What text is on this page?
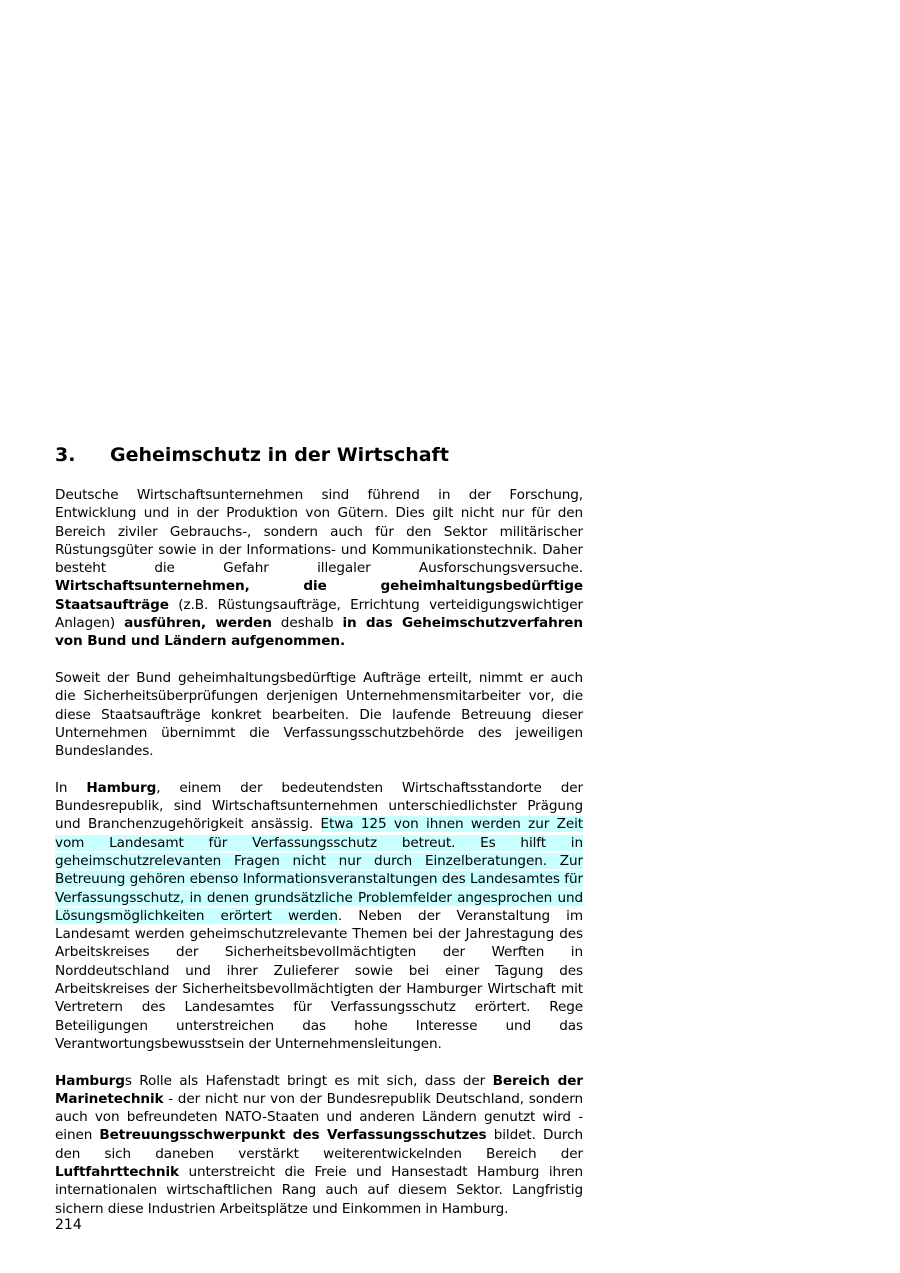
3.	Geheimschutz in der Wirtschaft

Deutsche Wirtschaftsunternehmen sind führend in der Forschung, Entwicklung und in der Produktion von Gütern. Dies gilt nicht nur für den Bereich ziviler Gebrauchs-, sondern auch für den Sektor militärischer Rüstungsgüter sowie in der Informations- und Kommunikationstechnik. Daher besteht die Gefahr illegaler Ausforschungsversuche. Wirtschaftsunternehmen, die geheimhaltungsbedürftige Staatsaufträge (z.B. Rüstungsaufträge, Errichtung verteidigungswichtiger Anlagen) ausführen, werden deshalb in das Geheimschutzverfahren von Bund und Ländern aufgenommen.

Soweit der Bund geheimhaltungsbedürftige Aufträge erteilt, nimmt er auch die Sicherheitsüberprüfungen derjenigen Unternehmensmitarbeiter vor, die diese Staatsaufträge konkret bearbeiten. Die laufende Betreuung dieser Unternehmen übernimmt die Verfassungsschutzbehörde des jeweiligen Bundeslandes.

In Hamburg, einem der bedeutendsten Wirtschaftsstandorte der Bundesrepublik, sind Wirtschaftsunternehmen unterschiedlichster Prägung und Branchenzugehörigkeit ansässig. Etwa 125 von ihnen werden zur Zeit vom Landesamt für Verfassungsschutz betreut. Es hilft in geheimschutzrelevanten Fragen nicht nur durch Einzelberatungen. Zur Betreuung gehören ebenso Informationsveranstaltungen des Landesamtes für Verfassungsschutz, in denen grundsätzliche Problemfelder angesprochen und Lösungsmöglichkeiten erörtert werden. Neben der Veranstaltung im Landesamt werden geheimschutzrelevante Themen bei der Jahrestagung des Arbeitskreises der Sicherheitsbevollmächtigten der Werften in Norddeutschland und ihrer Zulieferer sowie bei einer Tagung des Arbeitskreises der Sicherheitsbevollmächtigten der Hamburger Wirtschaft mit Vertretern des Landesamtes für Verfassungsschutz erörtert. Rege Beteiligungen unterstreichen das hohe Interesse und das Verantwortungsbewusstsein der Unternehmensleitungen.

Hamburgs Rolle als Hafenstadt bringt es mit sich, dass der Bereich der Marinetechnik - der nicht nur von der Bundesrepublik Deutschland, sondern auch von befreundeten NATO-Staaten und anderen Ländern genutzt wird - einen Betreuungsschwerpunkt des Verfassungsschutzes bildet. Durch den sich daneben verstärkt weiterentwickelnden Bereich der Luftfahrttechnik unterstreicht die Freie und Hansestadt Hamburg ihren internationalen wirtschaftlichen Rang auch auf diesem Sektor. Langfristig sichern diese Industrien Arbeitsplätze und Einkommen in Hamburg.

214
